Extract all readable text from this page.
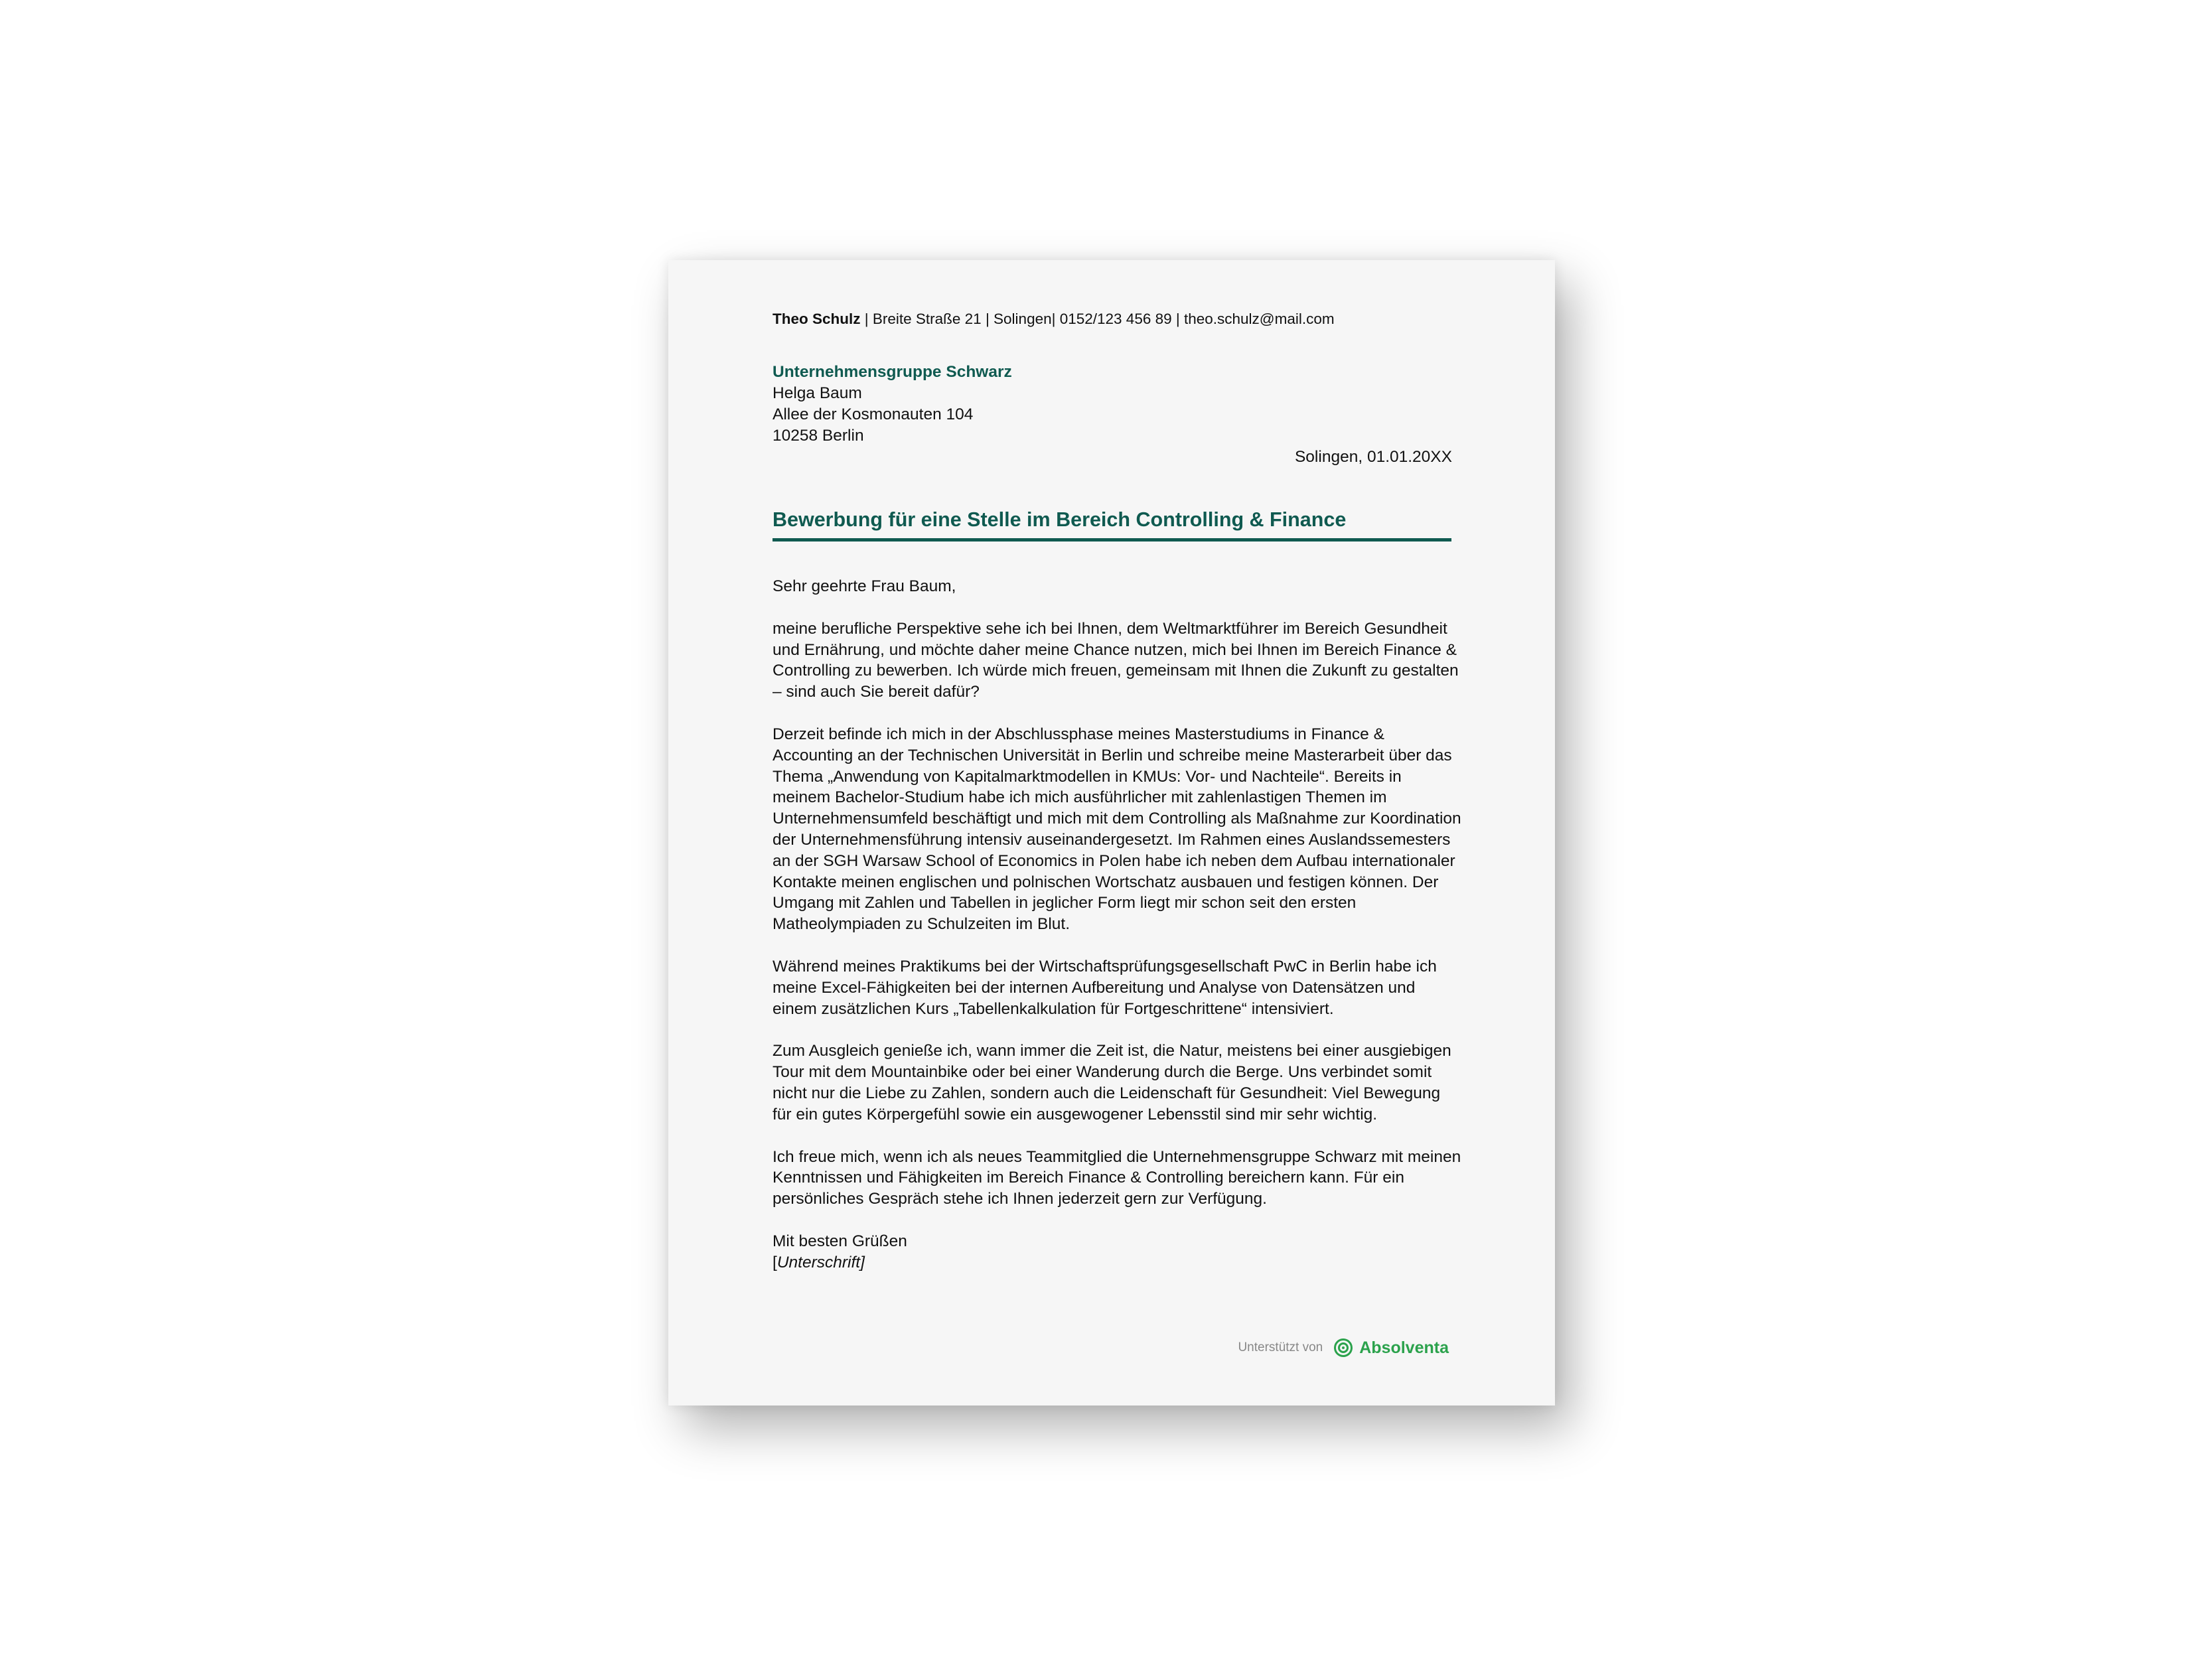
Theo Schulz | Breite Straße 21 | Solingen| 0152/123 456 89 | theo.schulz@mail.com
Unternehmensgruppe Schwarz
Helga Baum
Allee der Kosmonauten 104
10258 Berlin
Solingen, 01.01.20XX
Bewerbung für eine Stelle im Bereich Controlling & Finance

Sehr geehrte Frau Baum,

meine berufliche Perspektive sehe ich bei Ihnen, dem Weltmarktführer im Bereich Gesundheit und Ernährung, und möchte daher meine Chance nutzen, mich bei Ihnen im Bereich Finance & Controlling zu bewerben. Ich würde mich freuen, gemeinsam mit Ihnen die Zukunft zu gestalten – sind auch Sie bereit dafür?

Derzeit befinde ich mich in der Abschlussphase meines Masterstudiums in Finance & Accounting an der Technischen Universität in Berlin und schreibe meine Masterarbeit über das Thema „Anwendung von Kapitalmarktmodellen in KMUs: Vor- und Nachteile“. Bereits in meinem Bachelor-Studium habe ich mich ausführlicher mit zahlenlastigen Themen im Unternehmensumfeld beschäftigt und mich mit dem Controlling als Maßnahme zur Koordination der Unternehmensführung intensiv auseinandergesetzt. Im Rahmen eines Auslandssemesters an der SGH Warsaw School of Economics in Polen habe ich neben dem Aufbau internationaler Kontakte meinen englischen und polnischen Wortschatz ausbauen und festigen können. Der Umgang mit Zahlen und Tabellen in jeglicher Form liegt mir schon seit den ersten Matheolympiaden zu Schulzeiten im Blut.

Während meines Praktikums bei der Wirtschaftsprüfungsgesellschaft PwC in Berlin habe ich meine Excel-Fähigkeiten bei der internen Aufbereitung und Analyse von Datensätzen und einem zusätzlichen Kurs „Tabellenkalkulation für Fortgeschrittene“ intensiviert.

Zum Ausgleich genieße ich, wann immer die Zeit ist, die Natur, meistens bei einer ausgiebigen Tour mit dem Mountainbike oder bei einer Wanderung durch die Berge. Uns verbindet somit nicht nur die Liebe zu Zahlen, sondern auch die Leidenschaft für Gesundheit: Viel Bewegung für ein gutes Körpergefühl sowie ein ausgewogener Lebensstil sind mir sehr wichtig.

Ich freue mich, wenn ich als neues Teammitglied die Unternehmensgruppe Schwarz mit meinen Kenntnissen und Fähigkeiten im Bereich Finance & Controlling bereichern kann. Für ein persönliches Gespräch stehe ich Ihnen jederzeit gern zur Verfügung.

Mit besten Grüßen
[Unterschrift]

Unterstützt von Absolventa
